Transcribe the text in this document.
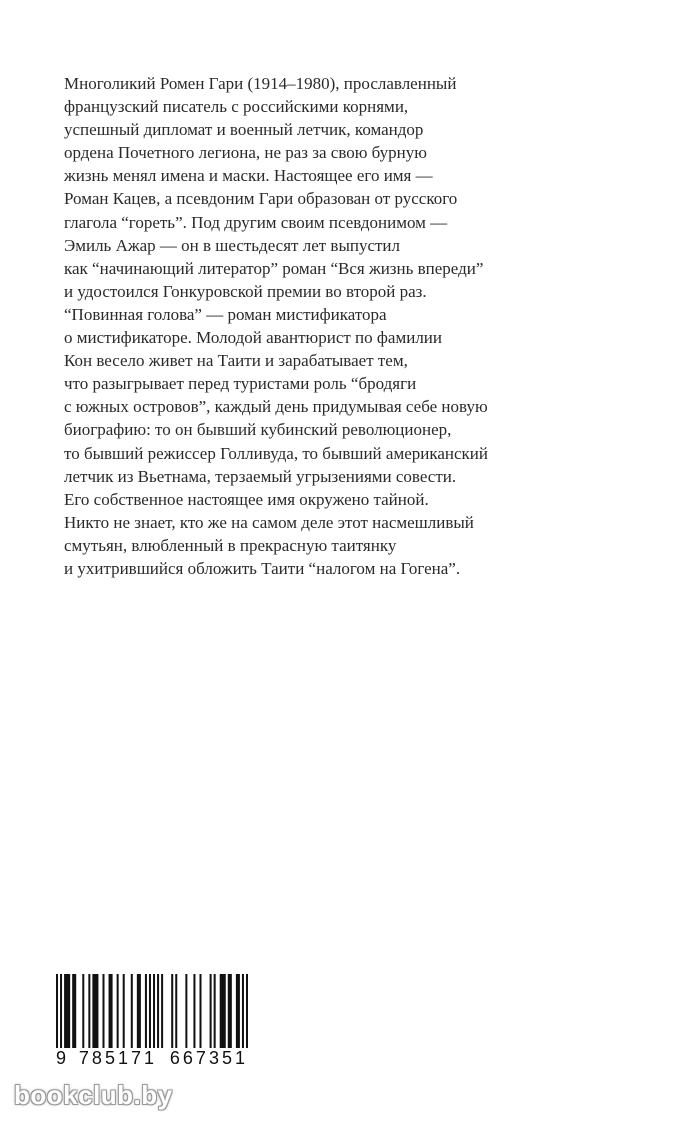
Многоликий Ромен Гари (1914–1980), прославленный
французский писатель с российскими корнями,
успешный дипломат и военный летчик, командор
ордена Почетного легиона, не раз за свою бурную
жизнь менял имена и маски. Настоящее его имя —
Роман Кацев, а псевдоним Гари образован от русского
глагола “гореть”. Под другим своим псевдонимом —
Эмиль Ажар — он в шестьдесят лет выпустил
как “начинающий литератор” роман “Вся жизнь впереди”
и удостоился Гонкуровской премии во второй раз.
“Повинная голова” — роман мистификатора
о мистификаторе. Молодой авантюрист по фамилии
Кон весело живет на Таити и зарабатывает тем,
что разыгрывает перед туристами роль “бродяги
с южных островов”, каждый день придумывая себе новую
биографию: то он бывший кубинский революционер,
то бывший режиссер Голливуда, то бывший американский
летчик из Вьетнама, терзаемый угрызениями совести.
Его собственное настоящее имя окружено тайной.
Никто не знает, кто же на самом деле этот насмешливый
смутьян, влюбленный в прекрасную таитянку
и ухитрившийся обложить Таити “налогом на Гогена”.
9 785171 667351
bookclub.by
